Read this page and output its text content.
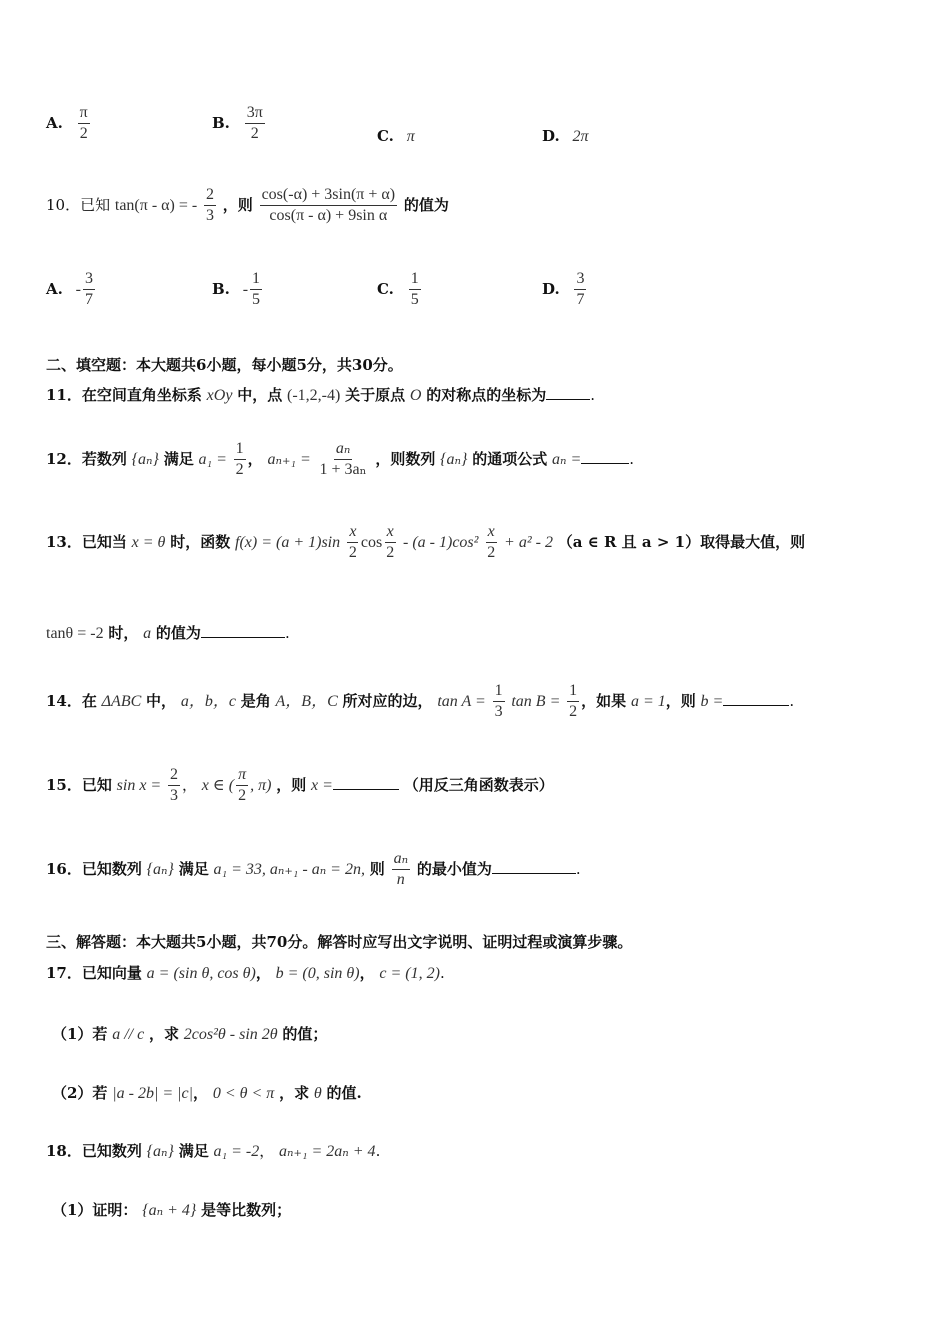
A. $\frac{\pi}{2}$	B. $\frac{3\pi}{2}$	C. π	D. 2π
10．已知 tan(π - α) = - $\frac{2}{3}$ ，则 $\frac{\cos(-\alpha) + 3\sin(\pi + \alpha)}{\text{cos(π - α) + 9sin α}}$ 的值为
A. - $\frac{3}{7}$	B. - $\frac{1}{5}$	C. $\frac{1}{5}$	D. $\frac{3}{7}$
二、填空题：本大题共6小题，每小题5分，共30分。
11．在空间直角坐标系 xOy 中，点 (-1,2,-4) 关于原点 O 的对称点的坐标为	.
12．若数列 {aₙ} 满足 $a_1 = \frac{1}{2}$ ， $a_{n+1} = \frac{\text{aₙ}}{\text{1 + 3aₙ}}$ ，则数列 {aₙ} 的通项公式 aₙ =	.
13．已知当 x = θ 时，函数 $f(x) = (a + 1)\sin \frac{x}{2}$ $\cos \frac{x}{2} - (a - 1)\cos^2 \frac{x}{2} + a^2 - 2$ （a ∈ R 且 a > 1）取得最大值，则
tanθ = -2 时， a 的值为	.
14．在 ΔABC 中， a，b，c 是角 A，B，C 所对应的边， $\tan A = \frac{1}{3}$ $\tan B = \frac{1}{2}$ ，如果 a = 1，则 b =	.
15．已知 $\sin x = \frac{2}{3}$ ， x ∈ ( $\frac{\pi}{2}$ , π) ，则 x =	（用反三角函数表示）
16．已知数列 {aₙ} 满足 a₁ = 33, aₙ₊₁ - aₙ = 2n, 则 $\frac{\text{aₙ}}{n}$ 的最小值为	.
三、解答题：本大题共5小题，共70分。解答时应写出文字说明、证明过程或演算步骤。
17．已知向量 a = (sin θ, cos θ)， b = (0, sin θ)， c = (1, 2).
（1）若 a // c ，求 2cos²θ - sin 2θ 的值；
（2）若 |a - 2b| = |c|， 0 < θ < π ，求 θ 的值.
18．已知数列 {aₙ} 满足 a₁ = -2， aₙ₊₁ = 2aₙ + 4.
（1）证明： {aₙ + 4} 是等比数列；
